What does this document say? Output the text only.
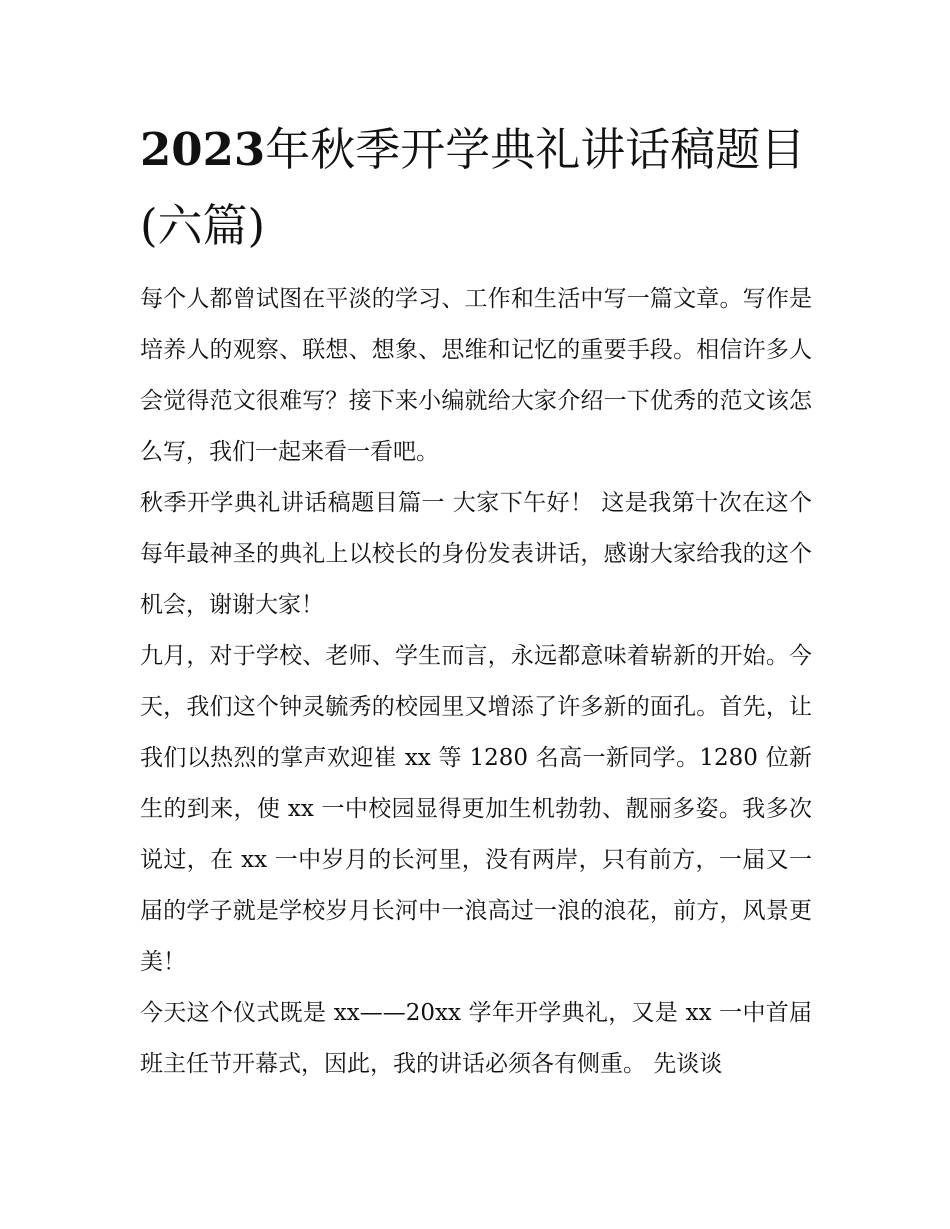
2023年秋季开学典礼讲话稿题目(六篇)

每个人都曾试图在平淡的学习、工作和生活中写一篇文章。写作是培养人的观察、联想、想象、思维和记忆的重要手段。相信许多人会觉得范文很难写？接下来小编就给大家介绍一下优秀的范文该怎么写，我们一起来看一看吧。

秋季开学典礼讲话稿题目篇一 大家下午好！ 这是我第十次在这个每年最神圣的典礼上以校长的身份发表讲话，感谢大家给我的这个机会，谢谢大家！

九月，对于学校、老师、学生而言，永远都意味着崭新的开始。今天，我们这个钟灵毓秀的校园里又增添了许多新的面孔。首先，让我们以热烈的掌声欢迎崔 xx 等 1280 名高一新同学。1280 位新生的到来，使 xx 一中校园显得更加生机勃勃、靓丽多姿。我多次说过，在 xx 一中岁月的长河里，没有两岸，只有前方，一届又一届的学子就是学校岁月长河中一浪高过一浪的浪花，前方，风景更美！

今天这个仪式既是 xx——20xx 学年开学典礼，又是 xx 一中首届班主任节开幕式，因此，我的讲话必须各有侧重。 先谈谈
